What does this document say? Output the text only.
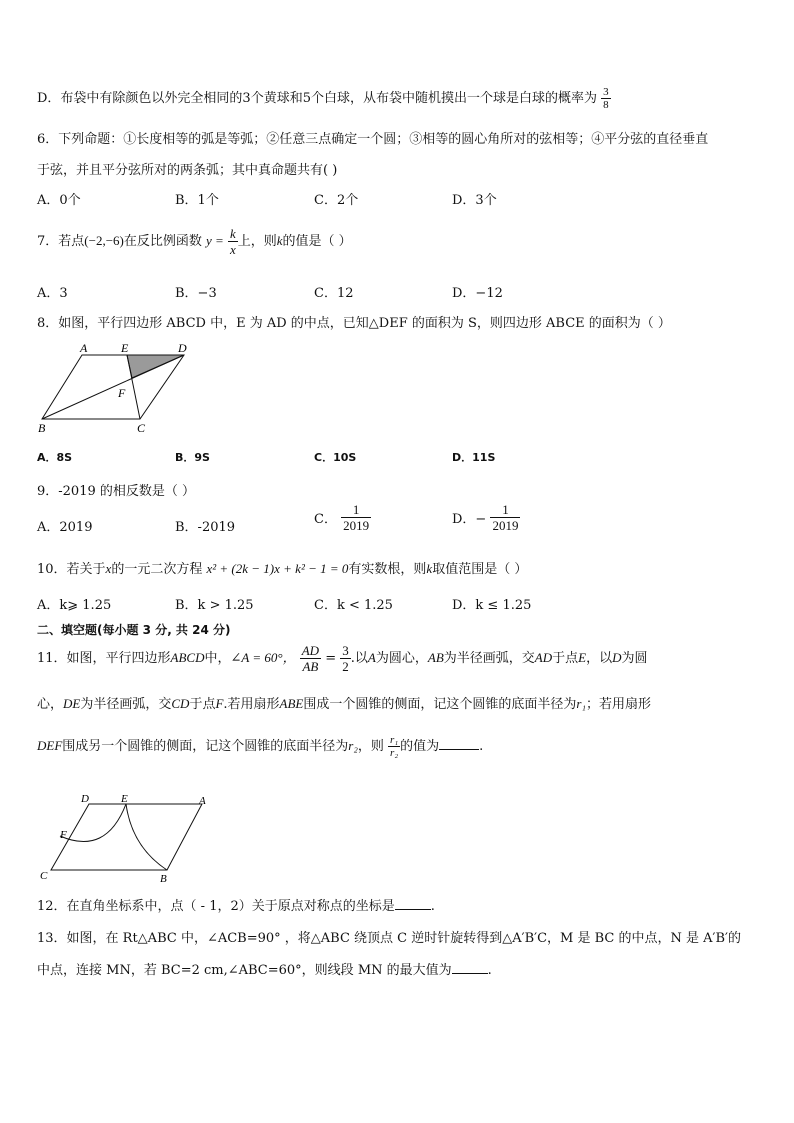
D．布袋中有除颜色以外完全相同的3个黄球和5个白球，从布袋中随机摸出一个球是白球的概率为 $\frac{3}{8}$
6．下列命题：①长度相等的弧是等弧；②任意三点确定一个圆；③相等的圆心角所对的弦相等；④平分弦的直径垂直
于弦，并且平分弦所对的两条弧；其中真命题共有( )
A．0个	B．1个	C．2个	D．3个
7．若点(−2,−6)在反比例函数 $y = \frac{k}{x}$ 上，则k的值是（ ）
A．3	B．−3	C．12	D．−12
8．如图，平行四边形 ABCD 中，E 为 AD 的中点，已知△DEF 的面积为 S，则四边形 ABCE 的面积为（ ）
A	E	D
F
B	C
A．8S	B．9S	C．10S	D．11S
9．-2019 的相反数是（ ）
A．2019	B．-2019
C． $\frac{1}{2019}$	D．− $\frac{1}{2019}$
10．若关于x的一元二次方程 x² + (2k − 1)x + k² − 1 = 0有实数根，则k取值范围是（ ）
A．k⩾ 1.25	B．k > 1.25	C．k < 1.25	D．k ≤ 1.25
二、填空题(每小题 3 分, 共 24 分)
11．如图，平行四边形ABCD中，∠A = 60°， $\frac{AD}{AB} = \frac{3}{2}$ .以A为圆心，AB为半径画弧，交AD于点E，以D为圆
心，DE为半径画弧，交CD于点F.若用扇形ABE围成一个圆锥的侧面，记这个圆锥的底面半径为r₁；若用扇形
DEF围成另一个圆锥的侧面，记这个圆锥的底面半径为r₂，则 $\frac{\text{r₁}}{\text{r₂}}$ 的值为	.
D	E	A
F
C	B
12．在直角坐标系中，点（ - 1，2）关于原点对称点的坐标是	.
13．如图，在 Rt△ABC 中，∠ACB=90° ，将△ABC 绕顶点 C 逆时针旋转得到△A′B′C，M 是 BC 的中点，N 是 A′B′的
中点，连接 MN，若 BC=2 cm,∠ABC=60°，则线段 MN 的最大值为	.
